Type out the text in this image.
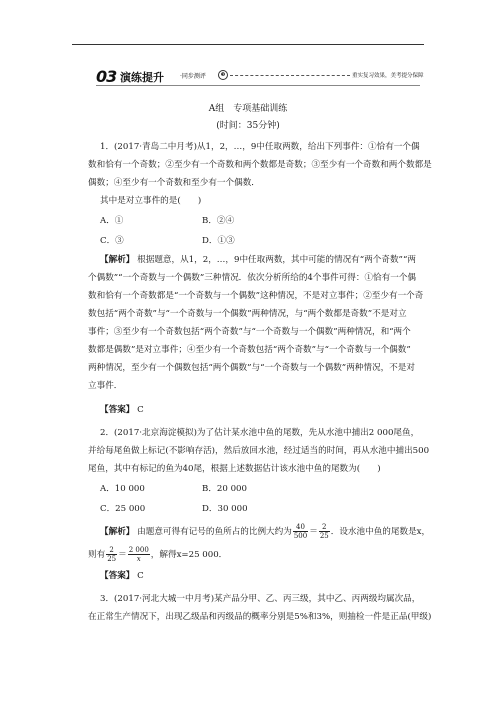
03 演练提升	·同步测评	❸	重实复习效果，美考提分保障
A组　专项基础训练
(时间：35分钟)
1．(2017·青岛二中月考)从1，2，…，9中任取两数，给出下列事件：①恰有一个偶
数和恰有一个奇数；②至少有一个奇数和两个数都是奇数；③至少有一个奇数和两个数都是
偶数；④至少有一个奇数和至少有一个偶数．
其中是对立事件的是(　　)
A．①	B．②④
C．③	D．①③
【解析】 根据题意，从1，2，…，9中任取两数，其中可能的情况有“两个奇数”“两
个偶数”“一个奇数与一个偶数”三种情况．依次分析所给的4个事件可得：①恰有一个偶
数和恰有一个奇数都是“一个奇数与一个偶数”这种情况，不是对立事件；②至少有一个奇
数包括“两个奇数”与“一个奇数与一个偶数”两种情况，与“两个数都是奇数”不是对立
事件；③至少有一个奇数包括“两个奇数”与“一个奇数与一个偶数”两种情况，和“两个
数都是偶数”是对立事件；④至少有一个奇数包括“两个奇数”与“一个奇数与一个偶数”
两种情况，至少有一个偶数包括“两个偶数”与“一个奇数与一个偶数”两种情况，不是对
立事件．
【答案】 C
2．(2017·北京海淀模拟)为了估计某水池中鱼的尾数，先从水池中捕出2 000尾鱼，
并给每尾鱼做上标记(不影响存活)，然后放回水池，经过适当的时间，再从水池中捕出500
尾鱼，其中有标记的鱼为40尾，根据上述数据估计该水池中鱼的尾数为(　　)
A．10 000	B．20 000
C．25 000	D．30 000
【解析】 由题意可得有记号的鱼所占的比例大约为 $\frac{40}{500} = \frac{2}{25}$ ．设水池中鱼的尾数是x，
则有 $\frac{2}{25} = \frac{2 000}{x}$ ，解得x=25 000．
【答案】 C
3．(2017·河北大城一中月考)某产品分甲、乙、丙三级，其中乙、丙两级均属次品，
在正常生产情况下，出现乙级品和丙级品的概率分别是5%和3%，则抽检一件是正品(甲级)
